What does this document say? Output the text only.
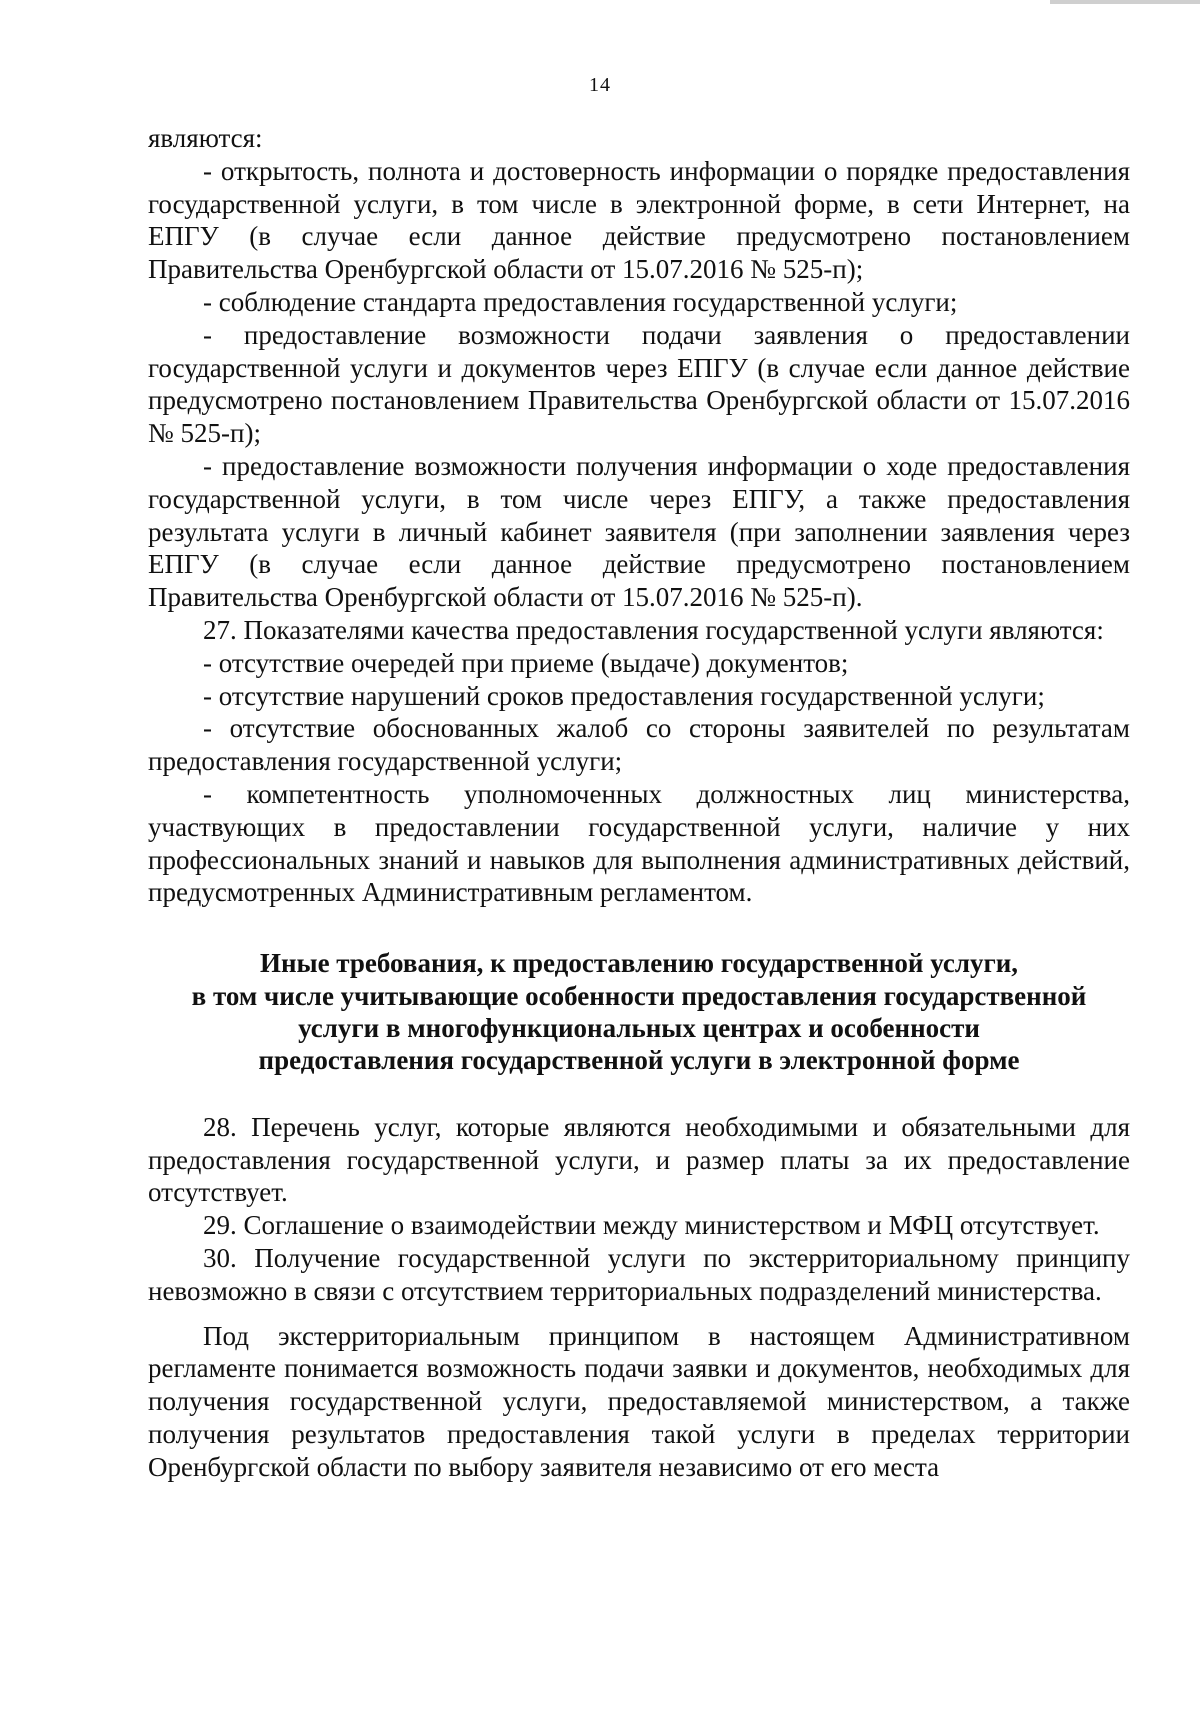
14

являются:

- открытость, полнота и достоверность информации о порядке предоставления государственной услуги, в том числе в электронной форме, в сети Интернет, на ЕПГУ (в случае если данное действие предусмотрено постановлением Правительства Оренбургской области от 15.07.2016 № 525-п);

- соблюдение стандарта предоставления государственной услуги;

- предоставление возможности подачи заявления о предоставлении государственной услуги и документов через ЕПГУ (в случае если данное действие предусмотрено постановлением Правительства Оренбургской области от 15.07.2016 № 525-п);

- предоставление возможности получения информации о ходе предоставления государственной услуги, в том числе через ЕПГУ, а также предоставления результата услуги в личный кабинет заявителя (при заполнении заявления через ЕПГУ (в случае если данное действие предусмотрено постановлением Правительства Оренбургской области от 15.07.2016 № 525-п).

27. Показателями качества предоставления государственной услуги являются:

- отсутствие очередей при приеме (выдаче) документов;

- отсутствие нарушений сроков предоставления государственной услуги;

- отсутствие обоснованных жалоб со стороны заявителей по результатам предоставления государственной услуги;

- компетентность уполномоченных должностных лиц министерства, участвующих в предоставлении государственной услуги, наличие у них профессиональных знаний и навыков для выполнения административных действий, предусмотренных Административным регламентом.

Иные требования, к предоставлению государственной услуги,
в том числе учитывающие особенности предоставления государственной
услуги в многофункциональных центрах и особенности
предоставления государственной услуги в электронной форме

28. Перечень услуг, которые являются необходимыми и обязательными для предоставления государственной услуги, и размер платы за их предоставление отсутствует.

29. Соглашение о взаимодействии между министерством и МФЦ отсутствует.

30. Получение государственной услуги по экстерриториальному принципу невозможно в связи с отсутствием территориальных подразделений министерства.

Под экстерриториальным принципом в настоящем Административном регламенте понимается возможность подачи заявки и документов, необходимых для получения государственной услуги, предоставляемой министерством, а также получения результатов предоставления такой услуги в пределах территории Оренбургской области по выбору заявителя независимо от его места
